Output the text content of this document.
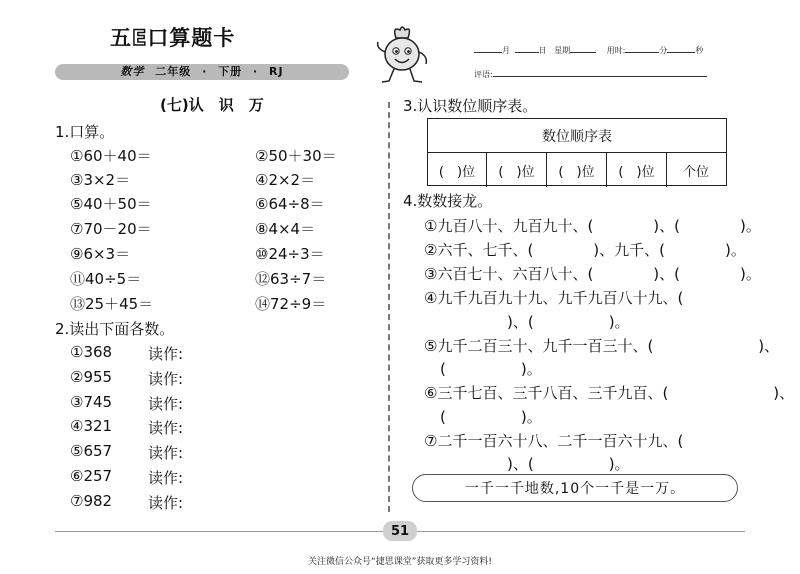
五E口算题卡
数学 二年级 · 下册 · RJ
月	日 星期	用时:	分	秒
评语:
(七)认　识　万
1.口算。
①60＋40＝	②50＋30＝
③3×2＝	④2×2＝
⑤40＋50＝	⑥64÷8＝
⑦70－20＝	⑧4×4＝
⑨6×3＝	⑩24÷3＝
⑪40÷5＝	⑫63÷7＝
⑬25＋45＝	⑭72÷9＝
2.读出下面各数。
①368 读作:
②955 读作:
③745 读作:
④321 读作:
⑤657 读作:
⑥257 读作:
⑦982 读作:
3.认识数位顺序表。
数位顺序表
(　)位	(　)位	(　)位	(　)位	个位
4.数数接龙。
①九百八十、九百九十、(　　　　)、(　　　　)。
②六千、七千、(　　　　)、九千、(　　　　)。
③六百七十、六百八十、(　　　　)、(　　　　)。
④九千九百九十九、九千九百八十九、(
　　　)、(　　　　　)。
⑤九千二百三十、九千一百三十、(　　　　　　　)、
(　　　　　)。
⑥三千七百、三千八百、三千九百、(　　　　　　　)、
(　　　　　)。
⑦二千一百六十八、二千一百六十九、(
　　　)、(　　　　　)。
一千一千地数,10个一千是一万。
51
关注微信公众号“捷思课堂”获取更多学习资料!
